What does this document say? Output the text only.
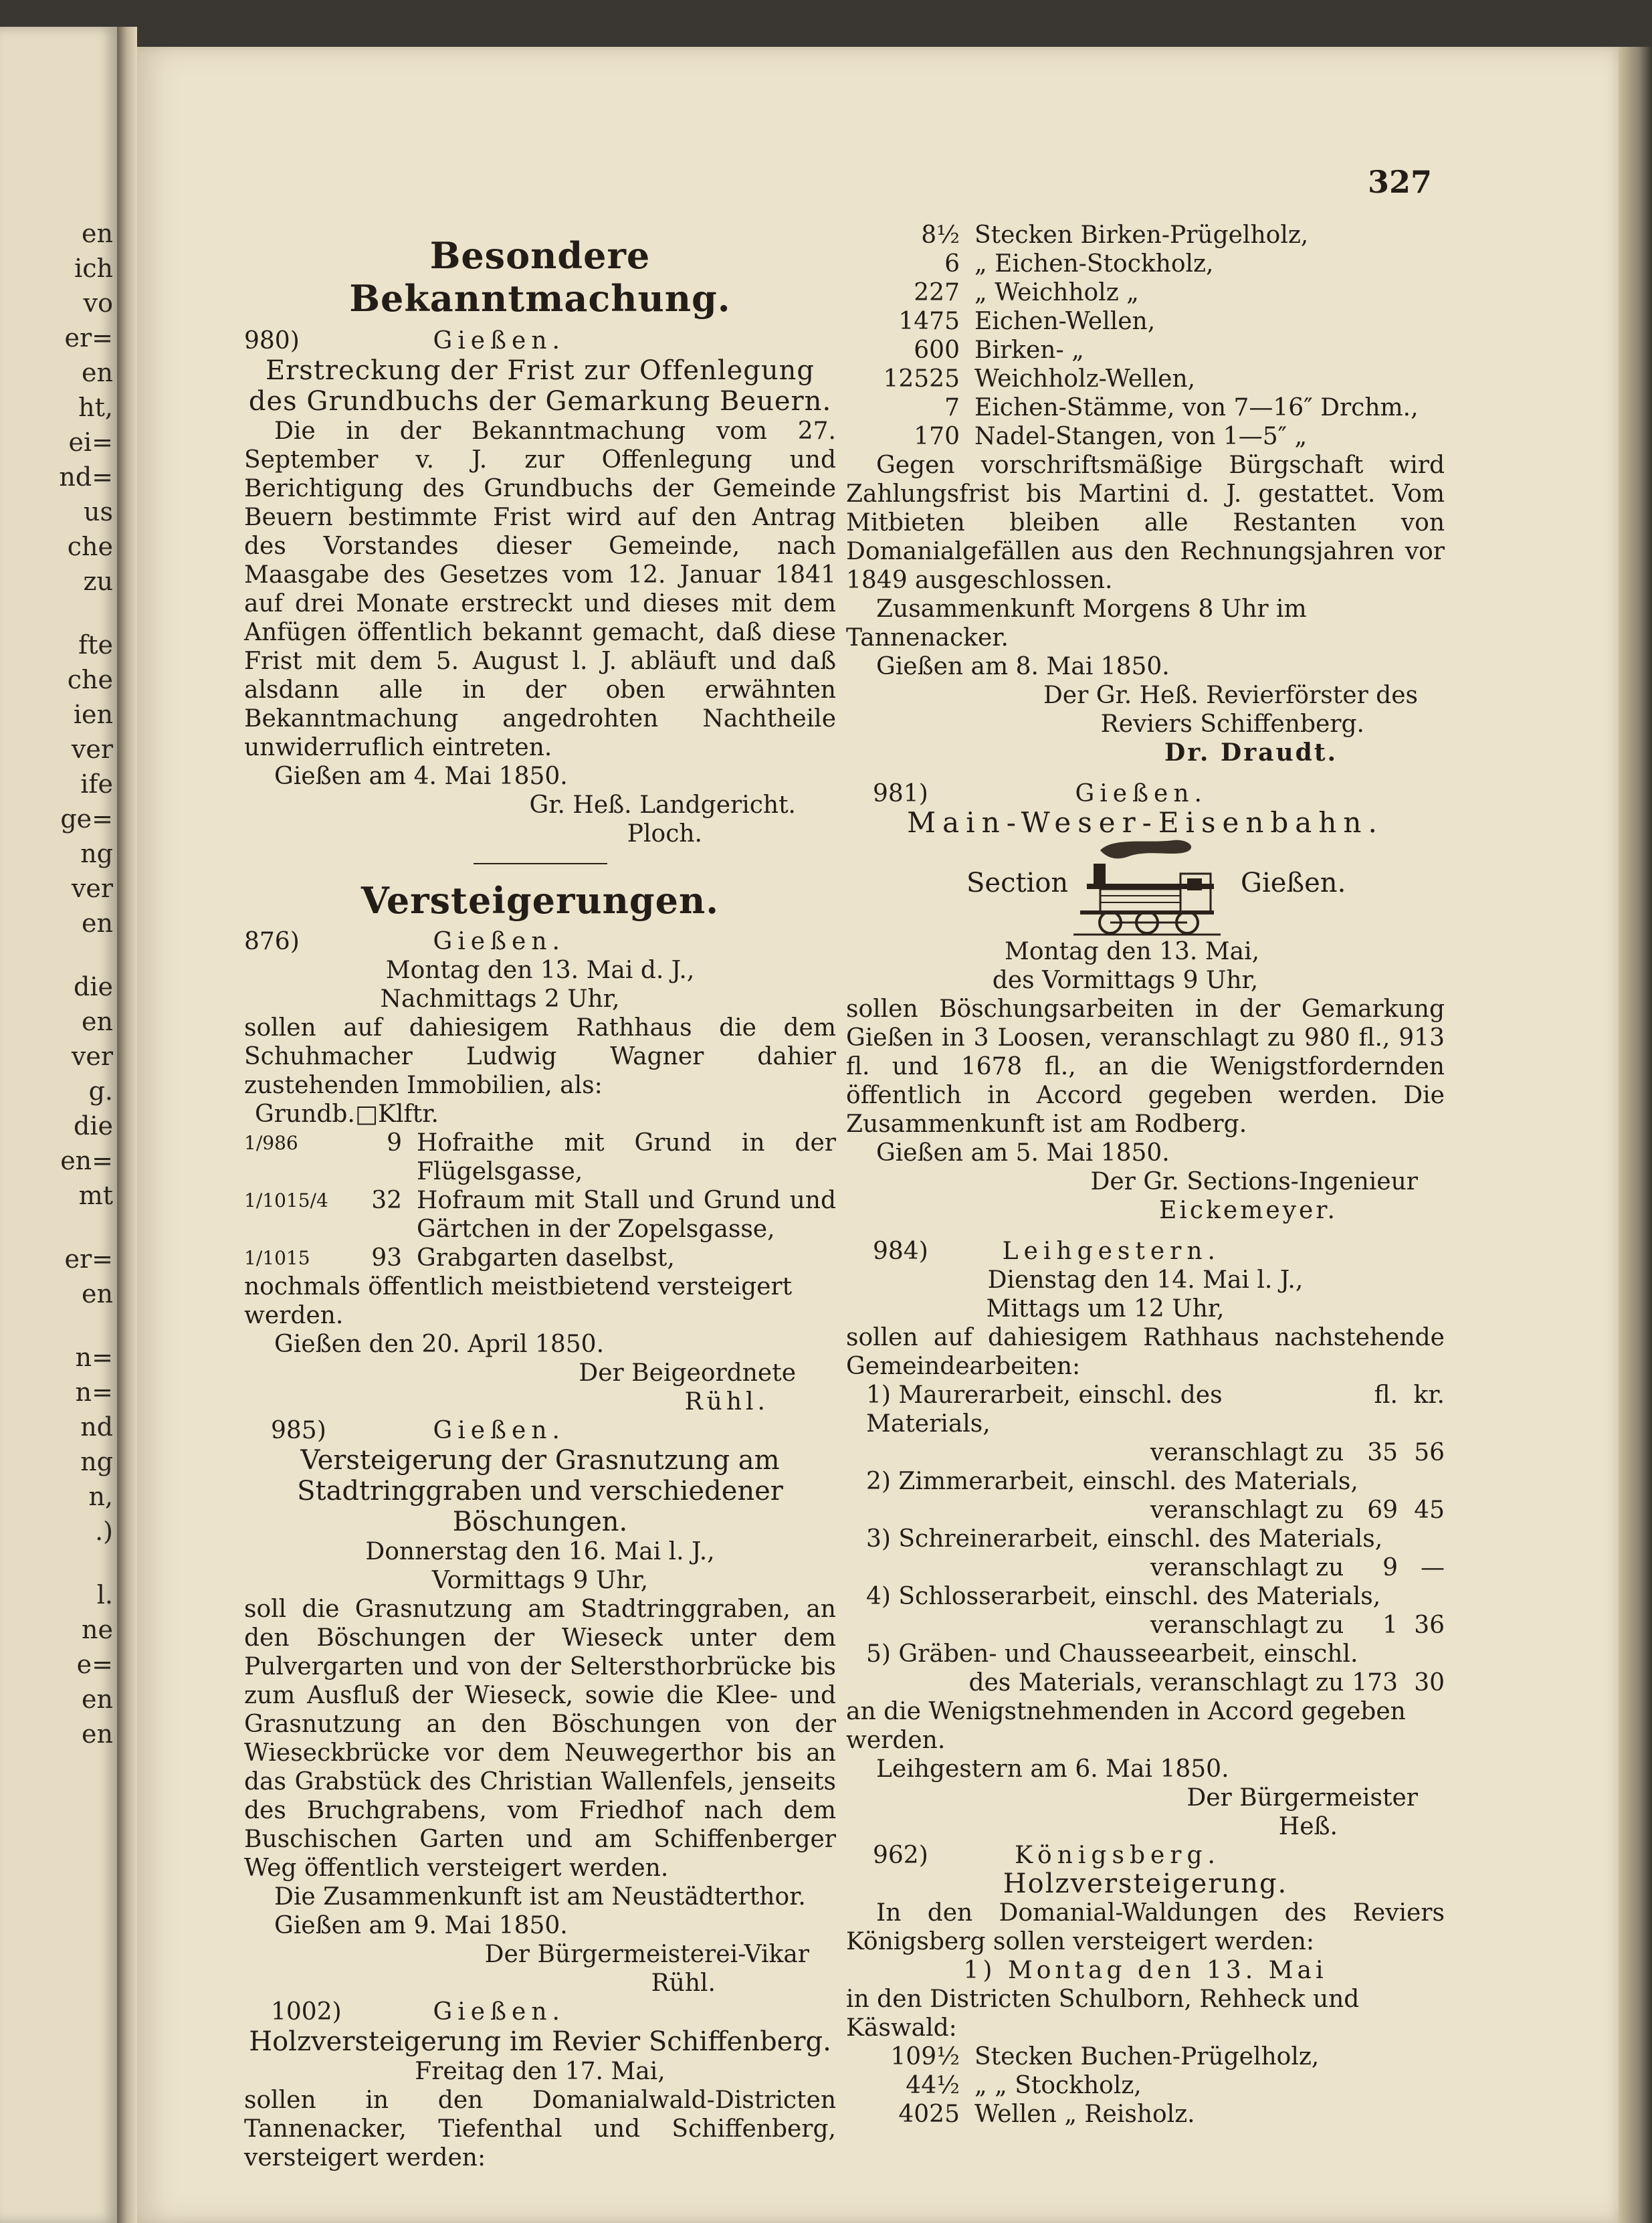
en
ich
vo
er=
en
ht,
ei=
nd=
us
che
zu
fte
che
ien
ver
ife
ge=
ng
ver
en
die
en
ver
g.
die
en=
mt
er=
en
n=
n=
nd
ng
n,
.)
l.
ne
e=
en
en
327

Besondere Bekanntmachung.

980)	Gießen.

Erstreckung der Frist zur Offenlegung des Grundbuchs der Gemarkung Beuern.

Die in der Bekanntmachung vom 27. September v. J. zur Offenlegung und Berichtigung des Grundbuchs der Gemeinde Beuern bestimmte Frist wird auf den Antrag des Vorstandes dieser Gemeinde, nach Maasgabe des Gesetzes vom 12. Januar 1841 auf drei Monate erstreckt und dieses mit dem Anfügen öffentlich bekannt gemacht, daß diese Frist mit dem 5. August l. J. abläuft und daß alsdann alle in der oben erwähnten Bekanntmachung angedrohten Nachtheile unwiderruflich eintreten.

Gießen am 4. Mai 1850.

Gr. Heß. Landgericht.

Ploch.

Versteigerungen.

876)	Gießen.

Montag den 13. Mai d. J.,

Nachmittags 2 Uhr,

sollen auf dahiesigem Rathhaus die dem Schuhmacher Ludwig Wagner dahier zustehenden Immobilien, als:

Grundb.	□Klftr.	
1/986	9	Hofraithe mit Grund in der Flügelsgasse,
1/1015/4	32	Hofraum mit Stall und Grund und Gärtchen in der Zopelsgasse,
1/1015	93	Grabgarten daselbst,

nochmals öffentlich meistbietend versteigert werden.

Gießen den 20. April 1850.

Der Beigeordnete

Rühl.

985)	Gießen.

Versteigerung der Grasnutzung am Stadtringgraben und verschiedener Böschungen.

Donnerstag den 16. Mai l. J.,

Vormittags 9 Uhr,

soll die Grasnutzung am Stadtringgraben, an den Böschungen der Wieseck unter dem Pulvergarten und von der Seltersthorbrücke bis zum Ausfluß der Wieseck, sowie die Klee- und Grasnutzung an den Böschungen von der Wieseckbrücke vor dem Neuwegerthor bis an das Grabstück des Christian Wallenfels, jenseits des Bruchgrabens, vom Friedhof nach dem Buschischen Garten und am Schiffenberger Weg öffentlich versteigert werden.

Die Zusammenkunft ist am Neustädterthor.

Gießen am 9. Mai 1850.

Der Bürgermeisterei-Vikar

Rühl.

1002)	Gießen.

Holzversteigerung im Revier Schiffenberg.

Freitag den 17. Mai,

sollen in den Domanialwald-Districten Tannenacker, Tiefenthal und Schiffenberg, versteigert werden:

8½	Stecken Birken-Prügelholz,
6	„ Eichen-Stockholz,
227	„ Weichholz „
1475	Eichen-Wellen,
600	Birken- „
12525	Weichholz-Wellen,
7	Eichen-Stämme, von 7—16″ Drchm.,
170	Nadel-Stangen, von 1—5″ „

Gegen vorschriftsmäßige Bürgschaft wird Zahlungsfrist bis Martini d. J. gestattet. Vom Mitbieten bleiben alle Restanten von Domanialgefällen aus den Rechnungsjahren vor 1849 ausgeschlossen.

Zusammenkunft Morgens 8 Uhr im Tannenacker.

Gießen am 8. Mai 1850.

Der Gr. Heß. Revierförster des

Reviers Schiffenberg.

Dr. Draudt.

981)	Gießen.

Main-Weser-Eisenbahn.

Section	Gießen.

Montag den 13. Mai,

des Vormittags 9 Uhr,

sollen Böschungsarbeiten in der Gemarkung Gießen in 3 Loosen, veranschlagt zu 980 fl., 913 fl. und 1678 fl., an die Wenigstfordernden öffentlich in Accord gegeben werden. Die Zusammenkunft ist am Rodberg.

Gießen am 5. Mai 1850.

Der Gr. Sections-Ingenieur

Eickemeyer.

984)	Leihgestern.

Dienstag den 14. Mai l. J.,

Mittags um 12 Uhr,

sollen auf dahiesigem Rathhaus nachstehende Gemeindearbeiten:

1) Maurerarbeit, einschl. des Materials,	fl.	kr.
veranschlagt zu	35	56
2) Zimmerarbeit, einschl. des Materials,		
veranschlagt zu	69	45
3) Schreinerarbeit, einschl. des Materials,		
veranschlagt zu	9	—
4) Schlosserarbeit, einschl. des Materials,		
veranschlagt zu	1	36
5) Gräben- und Chausseearbeit, einschl.		
des Materials, veranschlagt zu	173	30

an die Wenigstnehmenden in Accord gegeben werden.

Leihgestern am 6. Mai 1850.

Der Bürgermeister

Heß.

962)	Königsberg.

Holzversteigerung.

In den Domanial-Waldungen des Reviers Königsberg sollen versteigert werden:

1) Montag den 13. Mai

in den Districten Schulborn, Rehheck und Käswald:

109½	Stecken Buchen-Prügelholz,
44½	„ „ Stockholz,
4025	Wellen „ Reisholz.
